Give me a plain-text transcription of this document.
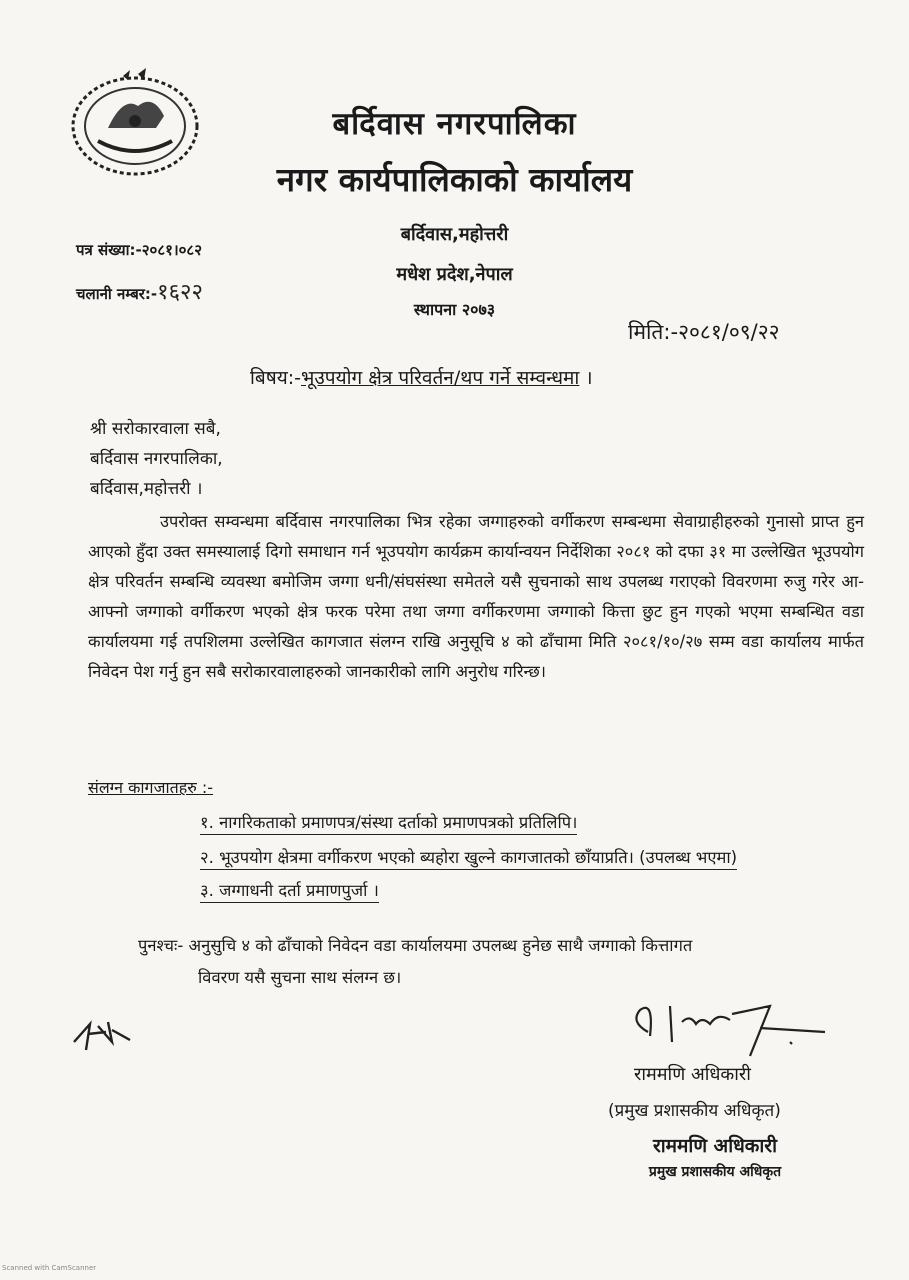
बर्दिवास नगरपालिका
नगर कार्यपालिकाको कार्यालय
बर्दिवास,महोत्तरी
मधेश प्रदेश,नेपाल
स्थापना २०७३
पत्र संख्या:-२०८१।०८२
चलानी नम्बर:-१६२२
मिति:-२०८१/०९/२२
बिषय:-भूउपयोग क्षेत्र परिवर्तन/थप गर्ने सम्वन्धमा ।
श्री सरोकारवाला सबै,
बर्दिवास नगरपालिका,
बर्दिवास,महोत्तरी ।
उपरोक्त सम्वन्धमा बर्दिवास नगरपालिका भित्र रहेका जग्गाहरुको वर्गीकरण सम्बन्धमा सेवाग्राहीहरुको गुनासो प्राप्त हुन आएको हुँदा उक्त समस्यालाई दिगो समाधान गर्न भूउपयोग कार्यक्रम कार्यान्वयन निर्देशिका २०८१ को दफा ३१ मा उल्लेखित भूउपयोग क्षेत्र परिवर्तन सम्बन्धि व्यवस्था बमोजिम जग्गा धनी/संघसंस्था समेतले यसै सुचनाको साथ उपलब्ध गराएको विवरणमा रुजु गरेर आ-आफ्नो जग्गाको वर्गीकरण भएको क्षेत्र फरक परेमा तथा जग्गा वर्गीकरणमा जग्गाको कित्ता छुट हुन गएको भएमा सम्बन्धित वडा कार्यालयमा गई तपशिलमा उल्लेखित कागजात संलग्न राखि अनुसूचि ४ को ढाँचामा मिति २०८१/१०/२७ सम्म वडा कार्यालय मार्फत निवेदन पेश गर्नु हुन सबै सरोकारवालाहरुको जानकारीको लागि अनुरोध गरिन्छ।
संलग्न कागजातहरु :-
१. नागरिकताको प्रमाणपत्र/संस्था दर्ताको प्रमाणपत्रको प्रतिलिपि।
२. भूउपयोग क्षेत्रमा वर्गीकरण भएको ब्यहोरा खुल्ने कागजातको छाँयाप्रति। (उपलब्ध भएमा)
३. जग्गाधनी दर्ता प्रमाणपुर्जा ।
पुनश्चः- अनुसुचि ४ को ढाँचाको निवेदन वडा कार्यालयमा उपलब्ध हुनेछ साथै जग्गाको कित्तागत
विवरण यसै सुचना साथ संलग्न छ।
राममणि अधिकारी
(प्रमुख प्रशासकीय अधिकृत)
राममणि अधिकारी
प्रमुख प्रशासकीय अधिकृत
Scanned with CamScanner
